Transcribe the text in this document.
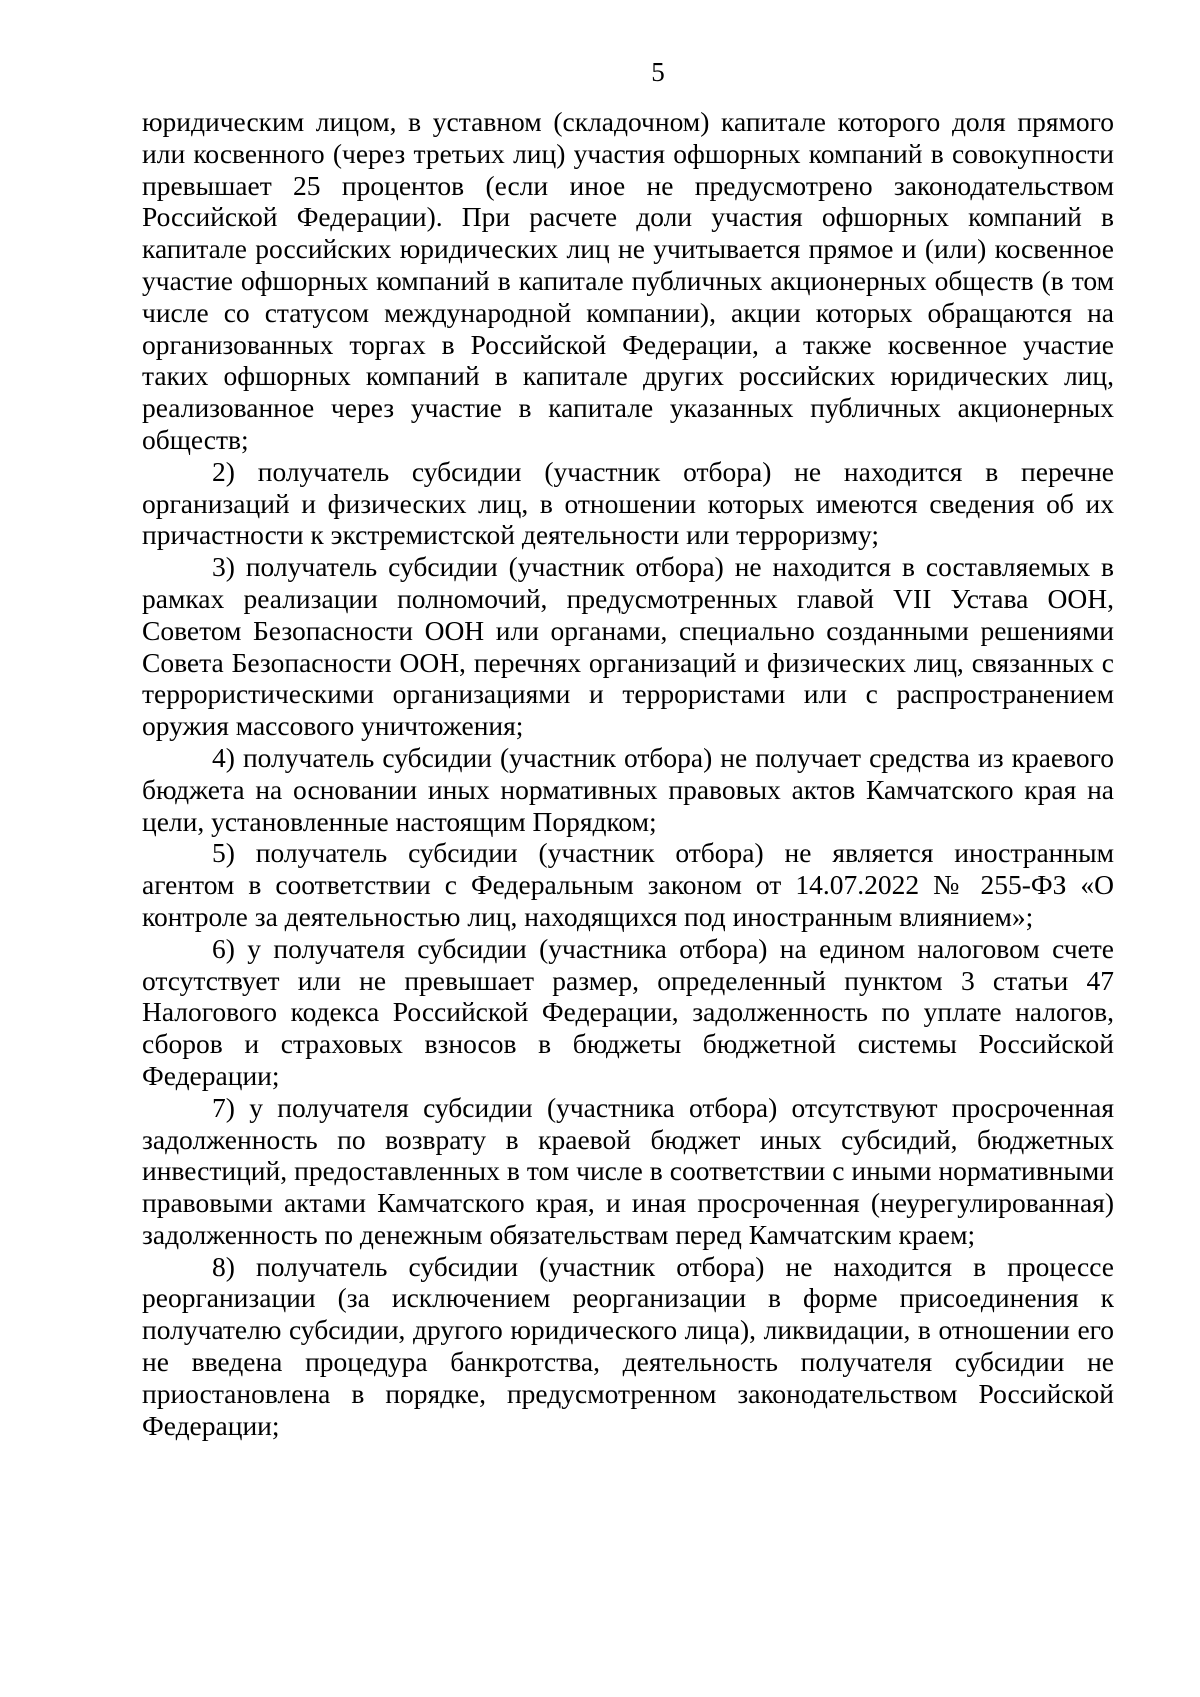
5

юридическим лицом, в уставном (складочном) капитале которого доля прямого или косвенного (через третьих лиц) участия офшорных компаний в совокупности превышает 25 процентов (если иное не предусмотрено законодательством Российской Федерации). При расчете доли участия офшорных компаний в капитале российских юридических лиц не учитывается прямое и (или) косвенное участие офшорных компаний в капитале публичных акционерных обществ (в том числе со статусом международной компании), акции которых обращаются на организованных торгах в Российской Федерации, а также косвенное участие таких офшорных компаний в капитале других российских юридических лиц, реализованное через участие в капитале указанных публичных акционерных обществ;

2) получатель субсидии (участник отбора) не находится в перечне организаций и физических лиц, в отношении которых имеются сведения об их причастности к экстремистской деятельности или терроризму;

3) получатель субсидии (участник отбора) не находится в составляемых в рамках реализации полномочий, предусмотренных главой VII Устава ООН, Советом Безопасности ООН или органами, специально созданными решениями Совета Безопасности ООН, перечнях организаций и физических лиц, связанных с террористическими организациями и террористами или с распространением оружия массового уничтожения;

4) получатель субсидии (участник отбора) не получает средства из краевого бюджета на основании иных нормативных правовых актов Камчатского края на цели, установленные настоящим Порядком;

5) получатель субсидии (участник отбора) не является иностранным агентом в соответствии с Федеральным законом от 14.07.2022 № 255-ФЗ «О контроле за деятельностью лиц, находящихся под иностранным влиянием»;

6) у получателя субсидии (участника отбора) на едином налоговом счете отсутствует или не превышает размер, определенный пунктом 3 статьи 47 Налогового кодекса Российской Федерации, задолженность по уплате налогов, сборов и страховых взносов в бюджеты бюджетной системы Российской Федерации;

7) у получателя субсидии (участника отбора) отсутствуют просроченная задолженность по возврату в краевой бюджет иных субсидий, бюджетных инвестиций, предоставленных в том числе в соответствии с иными нормативными правовыми актами Камчатского края, и иная просроченная (неурегулированная) задолженность по денежным обязательствам перед Камчатским краем;

8) получатель субсидии (участник отбора) не находится в процессе реорганизации (за исключением реорганизации в форме присоединения к получателю субсидии, другого юридического лица), ликвидации, в отношении его не введена процедура банкротства, деятельность получателя субсидии не приостановлена в порядке, предусмотренном законодательством Российской Федерации;
